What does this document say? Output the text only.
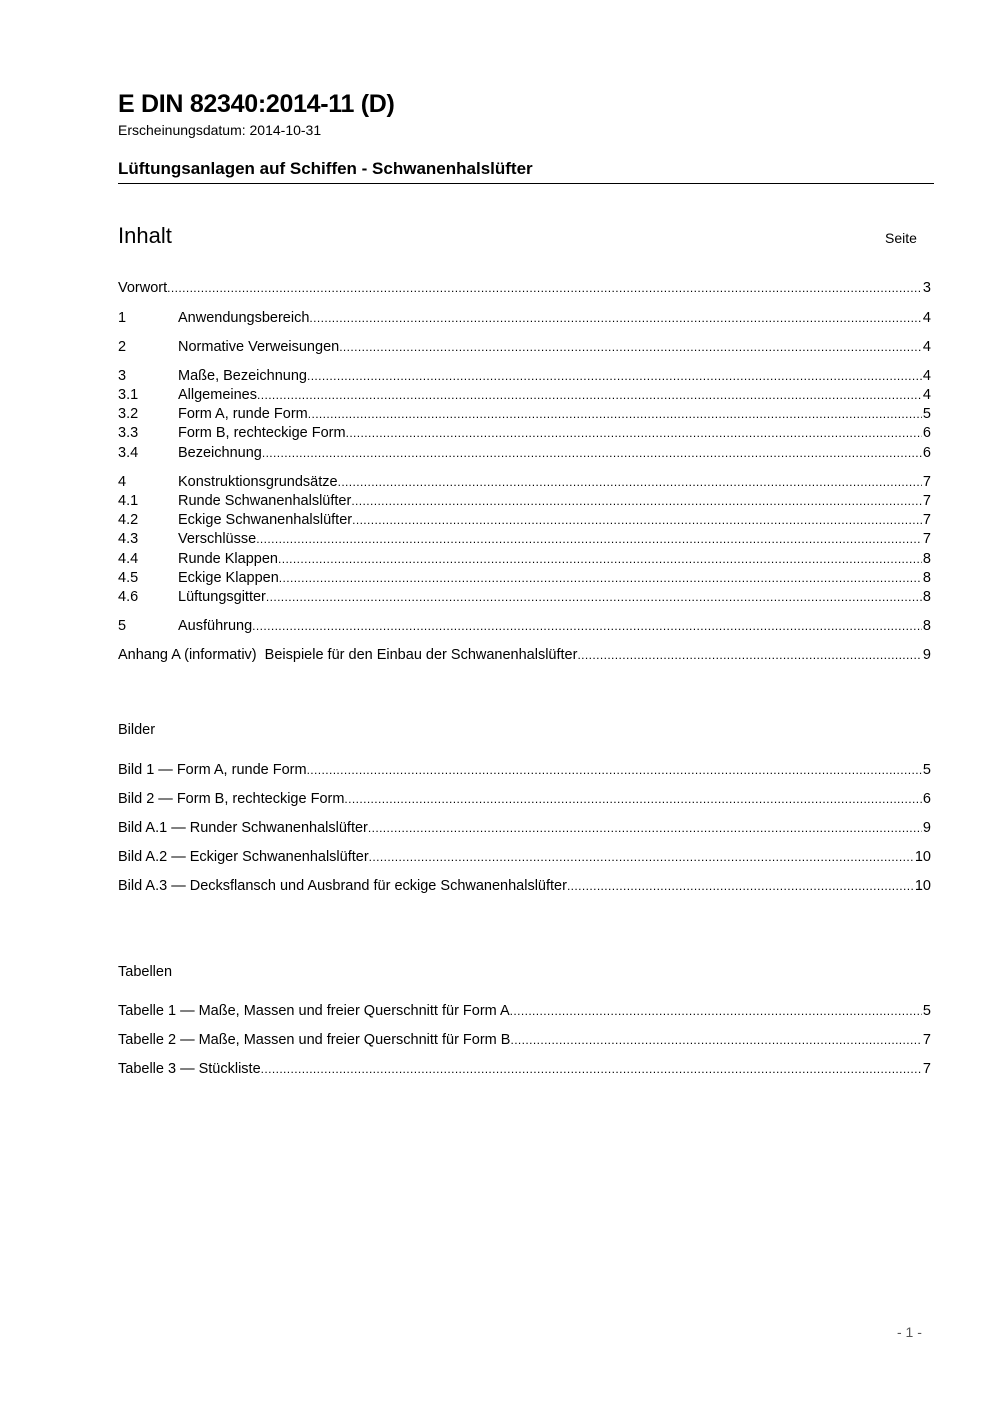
E DIN 82340:2014-11 (D)
Erscheinungsdatum: 2014-10-31
Lüftungsanlagen auf Schiffen - Schwanenhalslüfter
Inhalt	Seite
Vorwort .....	3
1	Anwendungsbereich .....	4
2	Normative Verweisungen .....	4
3	Maße, Bezeichnung .....	4
3.1	Allgemeines .....	4
3.2	Form A, runde Form .....	5
3.3	Form B, rechteckige Form .....	6
3.4	Bezeichnung .....	6
4	Konstruktionsgrundsätze .....	7
4.1	Runde Schwanenhalslüfter .....	7
4.2	Eckige Schwanenhalslüfter .....	7
4.3	Verschlüsse .....	7
4.4	Runde Klappen .....	8
4.5	Eckige Klappen .....	8
4.6	Lüftungsgitter .....	8
5	Ausführung .....	8
Anhang A (informativ)  Beispiele für den Einbau der Schwanenhalslüfter .....	9
Bilder
Bild 1 — Form A, runde Form .....	5
Bild 2 — Form B, rechteckige Form .....	6
Bild A.1 — Runder Schwanenhalslüfter .....	9
Bild A.2 — Eckiger Schwanenhalslüfter .....	10
Bild A.3 — Decksflansch und Ausbrand für eckige Schwanenhalslüfter .....	10
Tabellen
Tabelle 1 — Maße, Massen und freier Querschnitt für Form A .....	5
Tabelle 2 — Maße, Massen und freier Querschnitt für Form B .....	7
Tabelle 3 — Stückliste .....	7
- 1 -
